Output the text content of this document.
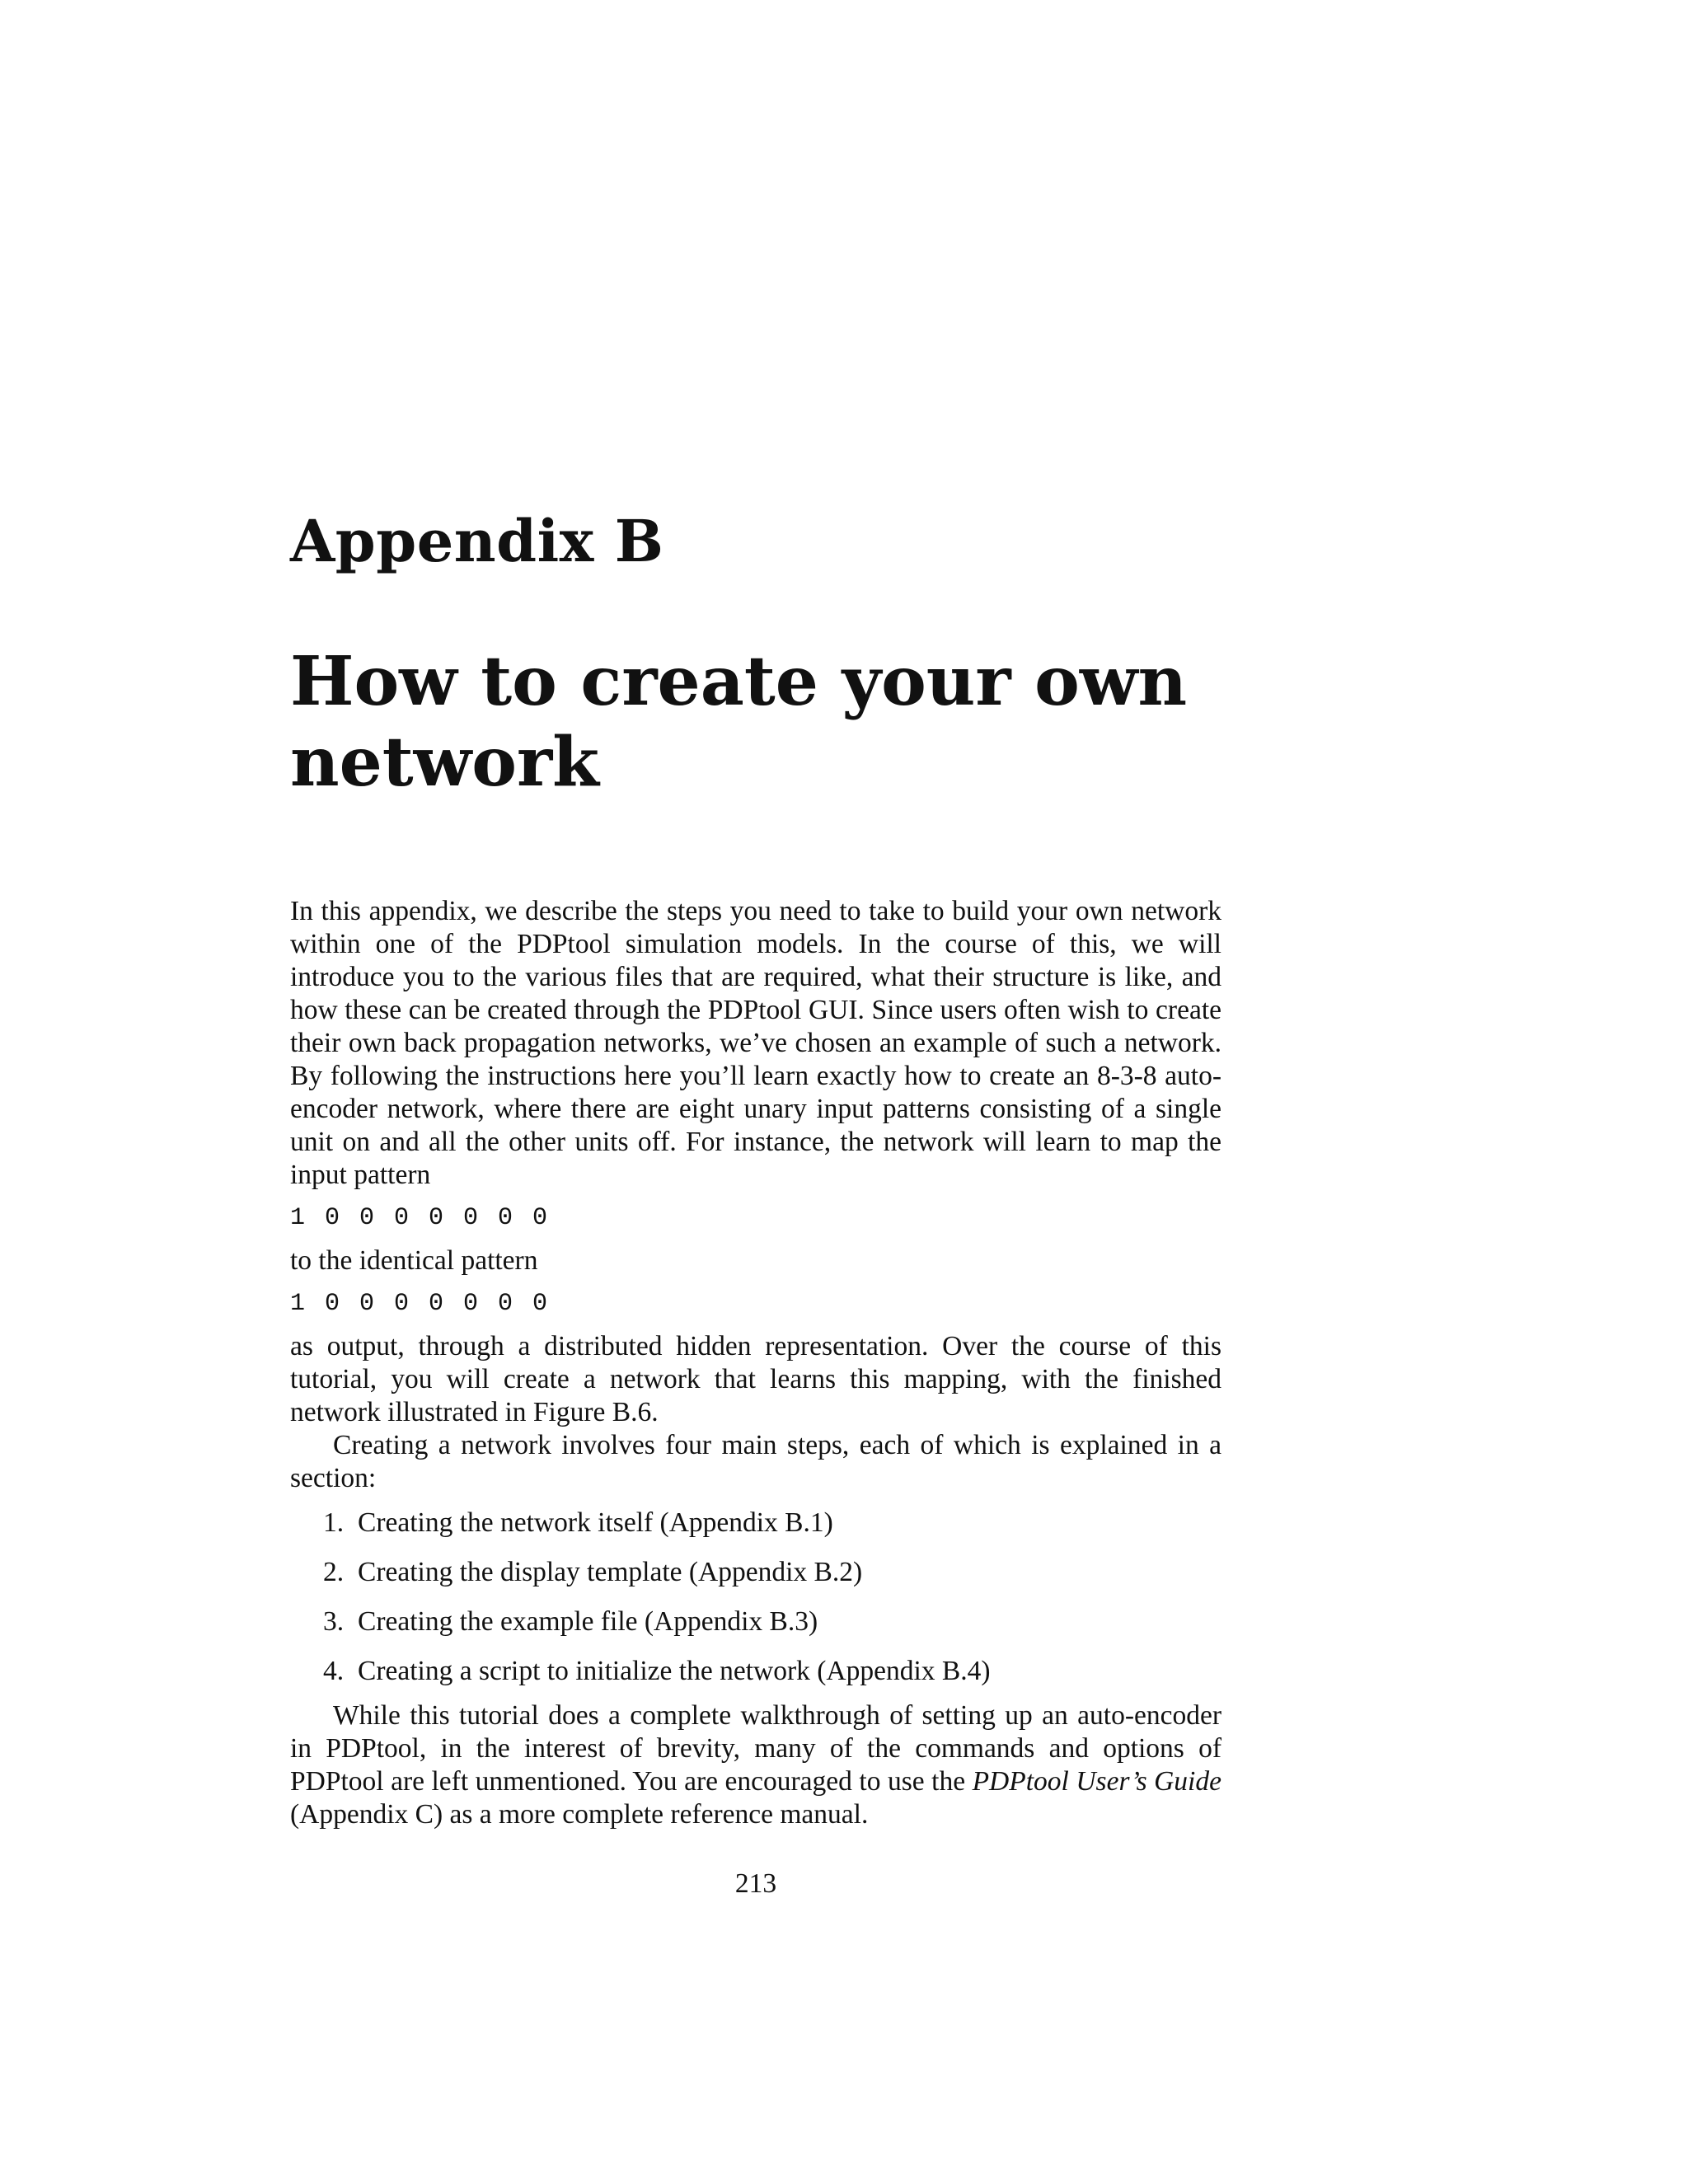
Appendix B
How to create your own
network

In this appendix, we describe the steps you need to take to build your own network within one of the PDPtool simulation models. In the course of this, we will introduce you to the various files that are required, what their structure is like, and how these can be created through the PDPtool GUI. Since users often wish to create their own back propagation networks, we’ve chosen an example of such a network. By following the instructions here you’ll learn exactly how to create an 8-3-8 auto-encoder network, where there are eight unary input patterns consisting of a single unit on and all the other units off. For instance, the network will learn to map the input pattern

1 0 0 0 0 0 0 0

to the identical pattern

1 0 0 0 0 0 0 0

as output, through a distributed hidden representation. Over the course of this tutorial, you will create a network that learns this mapping, with the finished network illustrated in Figure B.6.

Creating a network involves four main steps, each of which is explained in a section:

1. Creating the network itself (Appendix B.1)
2. Creating the display template (Appendix B.2)
3. Creating the example file (Appendix B.3)
4. Creating a script to initialize the network (Appendix B.4)

While this tutorial does a complete walkthrough of setting up an auto-encoder in PDPtool, in the interest of brevity, many of the commands and options of PDPtool are left unmentioned. You are encouraged to use the PDPtool User’s Guide (Appendix C) as a more complete reference manual.

213
